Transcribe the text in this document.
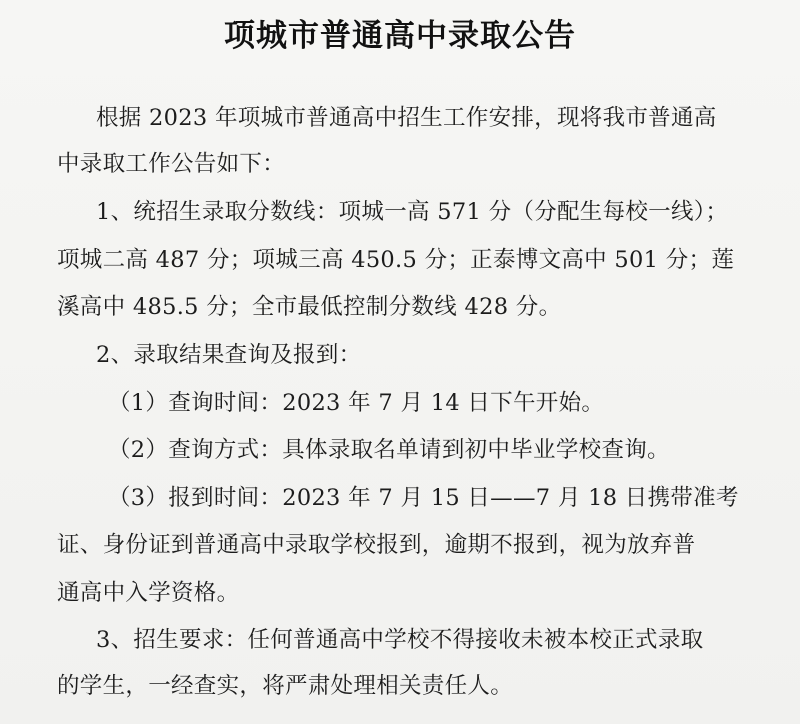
项城市普通高中录取公告

根据 2023 年项城市普通高中招生工作安排，现将我市普通高

中录取工作公告如下：

1、统招生录取分数线：项城一高 571 分（分配生每校一线）；

项城二高 487 分；项城三高 450.5 分；正泰博文高中 501 分；莲

溪高中 485.5 分；全市最低控制分数线 428 分。

2、录取结果查询及报到：

（1）查询时间：2023 年 7 月 14 日下午开始。

（2）查询方式：具体录取名单请到初中毕业学校查询。

（3）报到时间：2023 年 7 月 15 日——7 月 18 日携带准考

证、身份证到普通高中录取学校报到，逾期不报到，视为放弃普

通高中入学资格。

3、招生要求：任何普通高中学校不得接收未被本校正式录取

的学生，一经查实，将严肃处理相关责任人。
